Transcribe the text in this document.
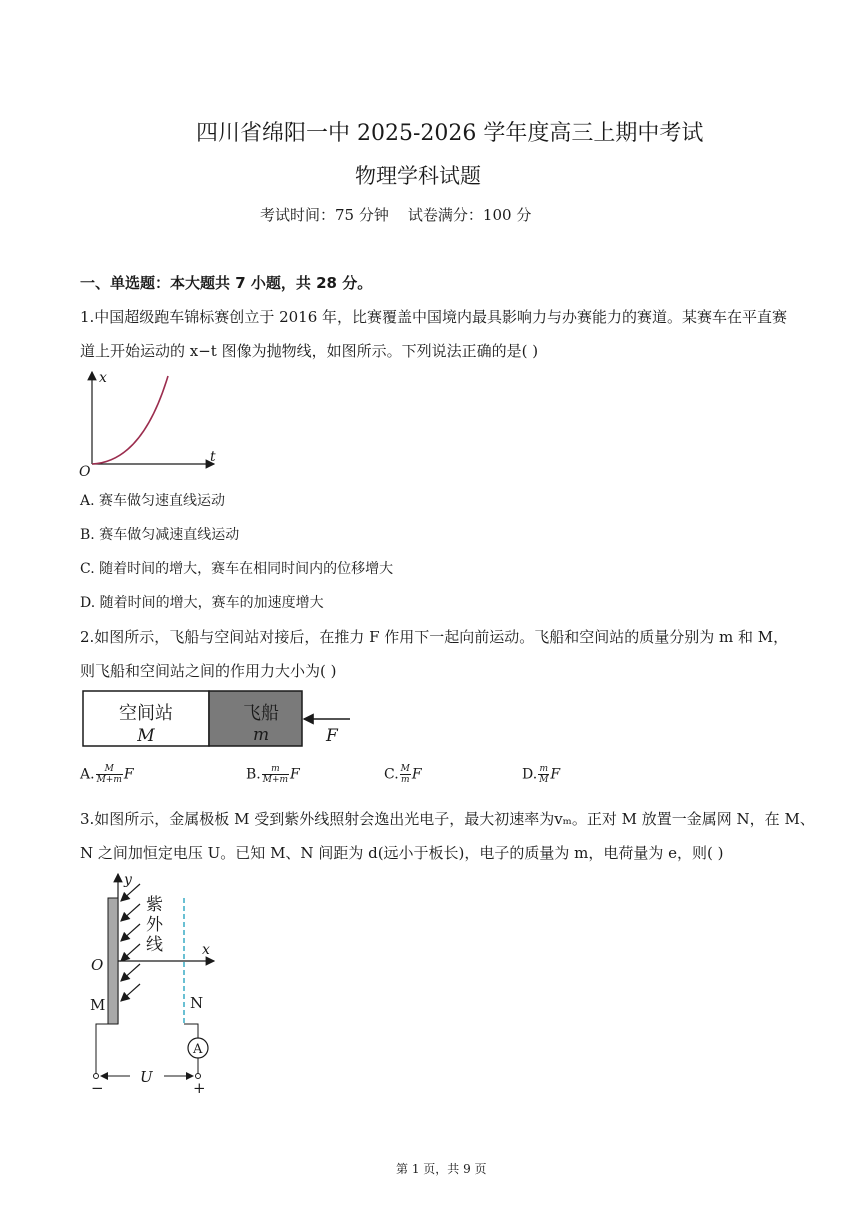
四川省绵阳一中 2025-2026 学年度高三上期中考试
物理学科试题
考试时间：75 分钟    试卷满分：100 分
一、单选题：本大题共 7 小题，共 28 分。
1.中国超级跑车锦标赛创立于 2016 年，比赛覆盖中国境内最具影响力与办赛能力的赛道。某赛车在平直赛
道上开始运动的 x−t 图像为抛物线，如图所示。下列说法正确的是( )
x
t
O
A. 赛车做匀速直线运动
B. 赛车做匀减速直线运动
C. 随着时间的增大，赛车在相同时间内的位移增大
D. 随着时间的增大，赛车的加速度增大
2.如图所示，飞船与空间站对接后，在推力 F 作用下一起向前运动。飞船和空间站的质量分别为 m 和 M，
则飞船和空间站之间的作用力大小为( )
空间站
M
飞船
m	F
A. $\frac{M}{M+m}$ F	B. $\frac{m}{M+m}$ F	C. $\frac{M}{m}$ F	D. $\frac{m}{M}$ F
3.如图所示，金属极板 M 受到紫外线照射会逸出光电子，最大初速率为vₘ。正对 M 放置一金属网 N，在 M、
N 之间加恒定电压 U。已知 M、N 间距为 d(远小于板长)，电子的质量为 m，电荷量为 e，则( )
y
x
O
紫
外
线
M	N
A
U
−	+
第 1 页，共 9 页
